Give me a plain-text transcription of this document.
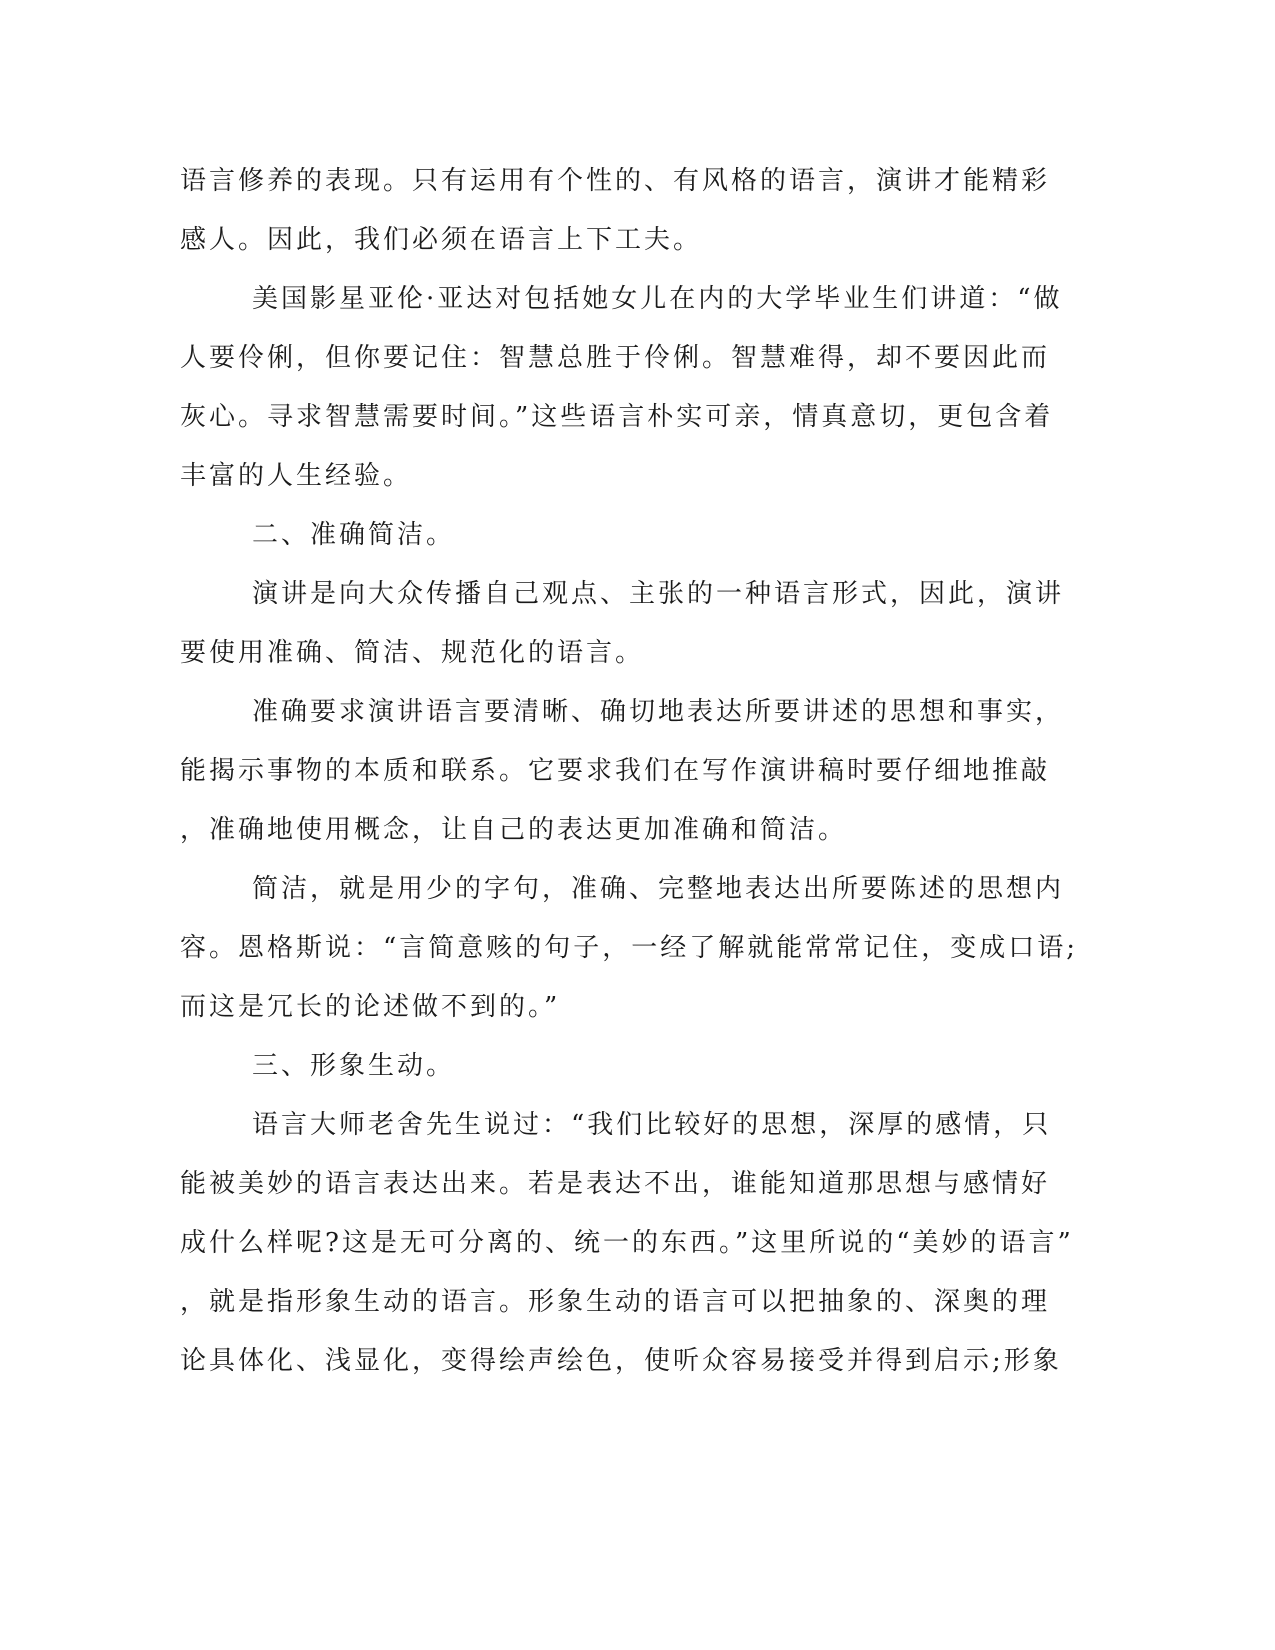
语言修养的表现。只有运用有个性的、有风格的语言，演讲才能精彩
感人。因此，我们必须在语言上下工夫。
美国影星亚伦·亚达对包括她女儿在内的大学毕业生们讲道：“做
人要伶俐，但你要记住：智慧总胜于伶俐。智慧难得，却不要因此而
灰心。寻求智慧需要时间。”这些语言朴实可亲，情真意切，更包含着
丰富的人生经验。
二、准确简洁。
演讲是向大众传播自己观点、主张的一种语言形式，因此，演讲
要使用准确、简洁、规范化的语言。
准确要求演讲语言要清晰、确切地表达所要讲述的思想和事实，
能揭示事物的本质和联系。它要求我们在写作演讲稿时要仔细地推敲
，准确地使用概念，让自己的表达更加准确和简洁。
简洁，就是用少的字句，准确、完整地表达出所要陈述的思想内
容。恩格斯说：“言简意赅的句子，一经了解就能常常记住，变成口语;
而这是冗长的论述做不到的。”
三、形象生动。
语言大师老舍先生说过：“我们比较好的思想，深厚的感情，只
能被美妙的语言表达出来。若是表达不出，谁能知道那思想与感情好
成什么样呢?这是无可分离的、统一的东西。”这里所说的“美妙的语言”
，就是指形象生动的语言。形象生动的语言可以把抽象的、深奥的理
论具体化、浅显化，变得绘声绘色，使听众容易接受并得到启示;形象
